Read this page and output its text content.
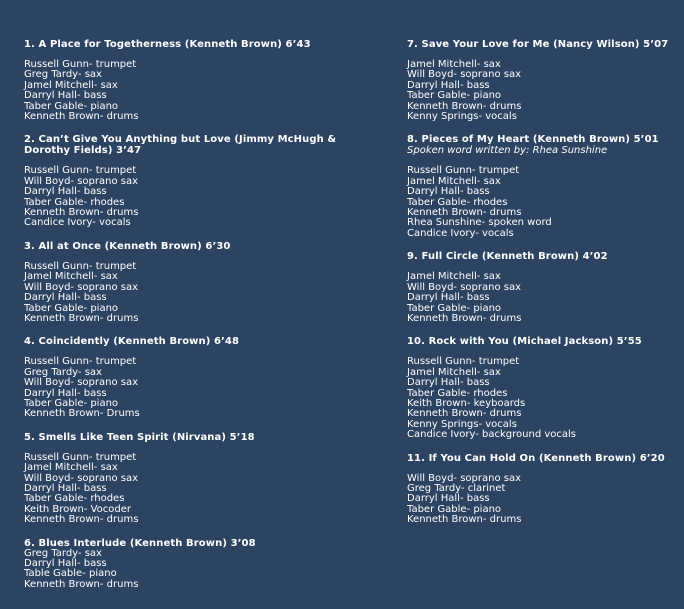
1. A Place for Togetherness (Kenneth Brown) 6’43
Russell Gunn- trumpet
Greg Tardy- sax
Jamel Mitchell- sax
Darryl Hall- bass
Taber Gable- piano
Kenneth Brown- drums
2. Can’t Give You Anything but Love (Jimmy McHugh & Dorothy Fields) 3’47
Russell Gunn- trumpet
Will Boyd- soprano sax
Darryl Hall- bass
Taber Gable- rhodes
Kenneth Brown- drums
Candice Ivory- vocals
3. All at Once (Kenneth Brown) 6’30
Russell Gunn- trumpet
Jamel Mitchell- sax
Will Boyd- soprano sax
Darryl Hall- bass
Taber Gable- piano
Kenneth Brown- drums
4. Coincidently (Kenneth Brown) 6’48
Russell Gunn- trumpet
Greg Tardy- sax
Will Boyd- soprano sax
Darryl Hall- bass
Taber Gable- piano
Kenneth Brown- Drums
5. Smells Like Teen Spirit (Nirvana) 5’18
Russell Gunn- trumpet
Jamel Mitchell- sax
Will Boyd- soprano sax
Darryl Hall- bass
Taber Gable- rhodes
Keith Brown- Vocoder
Kenneth Brown- drums
6. Blues Interlude (Kenneth Brown) 3’08
Greg Tardy- sax
Darryl Hall- bass
Table Gable- piano
Kenneth Brown- drums
7. Save Your Love for Me (Nancy Wilson) 5’07
Jamel Mitchell- sax
Will Boyd- soprano sax
Darryl Hall- bass
Taber Gable- piano
Kenneth Brown- drums
Kenny Springs- vocals
8. Pieces of My Heart (Kenneth Brown) 5’01
Spoken word written by: Rhea Sunshine
Russell Gunn- trumpet
Jamel Mitchell- sax
Darryl Hall- bass
Taber Gable- rhodes
Kenneth Brown- drums
Rhea Sunshine- spoken word
Candice Ivory- vocals
9. Full Circle (Kenneth Brown) 4’02
Jamel Mitchell- sax
Will Boyd- soprano sax
Darryl Hall- bass
Taber Gable- piano
Kenneth Brown- drums
10. Rock with You (Michael Jackson) 5’55
Russell Gunn- trumpet
Jamel Mitchell- sax
Darryl Hall- bass
Taber Gable- rhodes
Keith Brown- keyboards
Kenneth Brown- drums
Kenny Springs- vocals
Candice Ivory- background vocals
11. If You Can Hold On (Kenneth Brown) 6’20
Will Boyd- soprano sax
Greg Tardy- clarinet
Darryl Hall- bass
Taber Gable- piano
Kenneth Brown- drums
